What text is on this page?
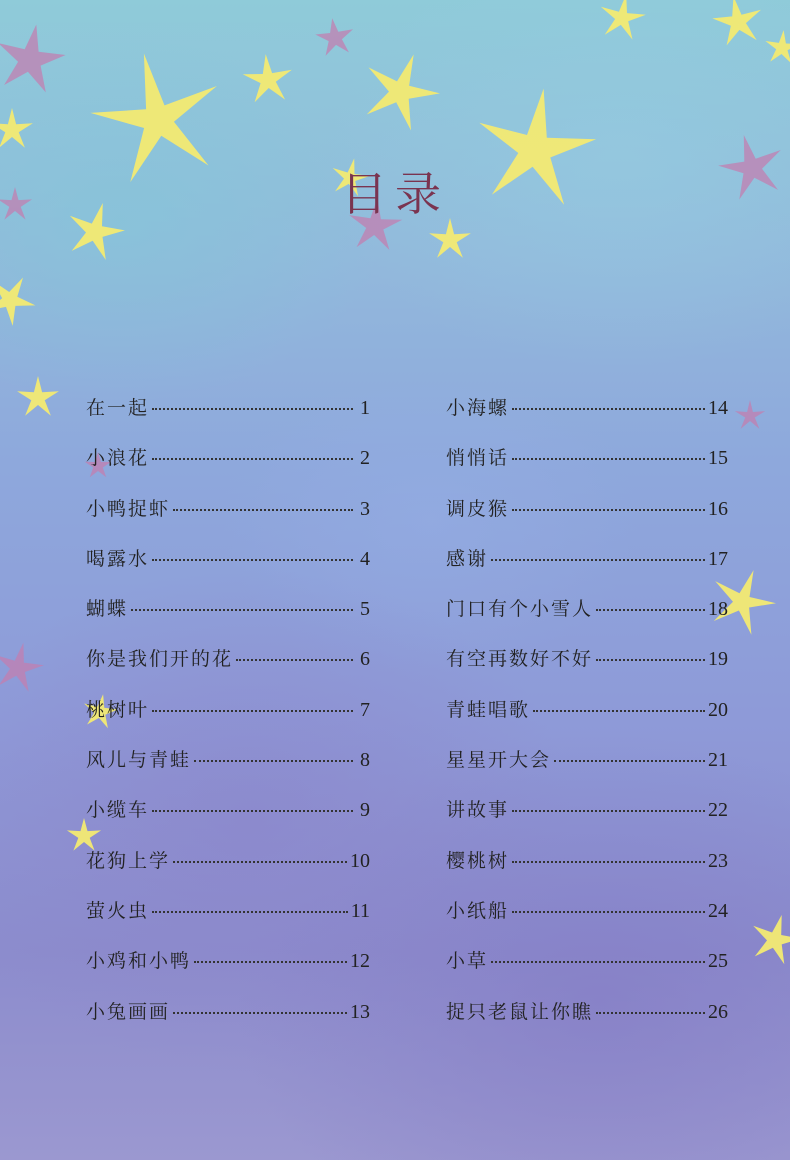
目录
在一起	1
小浪花	2
小鸭捉虾	3
喝露水	4
蝴蝶	5
你是我们开的花	6
桃树叶	7
风儿与青蛙	8
小缆车	9
花狗上学	10
萤火虫	11
小鸡和小鸭	12
小兔画画	13
小海螺	14
悄悄话	15
调皮猴	16
感谢	17
门口有个小雪人	18
有空再数好不好	19
青蛙唱歌	20
星星开大会	21
讲故事	22
樱桃树	23
小纸船	24
小草	25
捉只老鼠让你瞧	26
